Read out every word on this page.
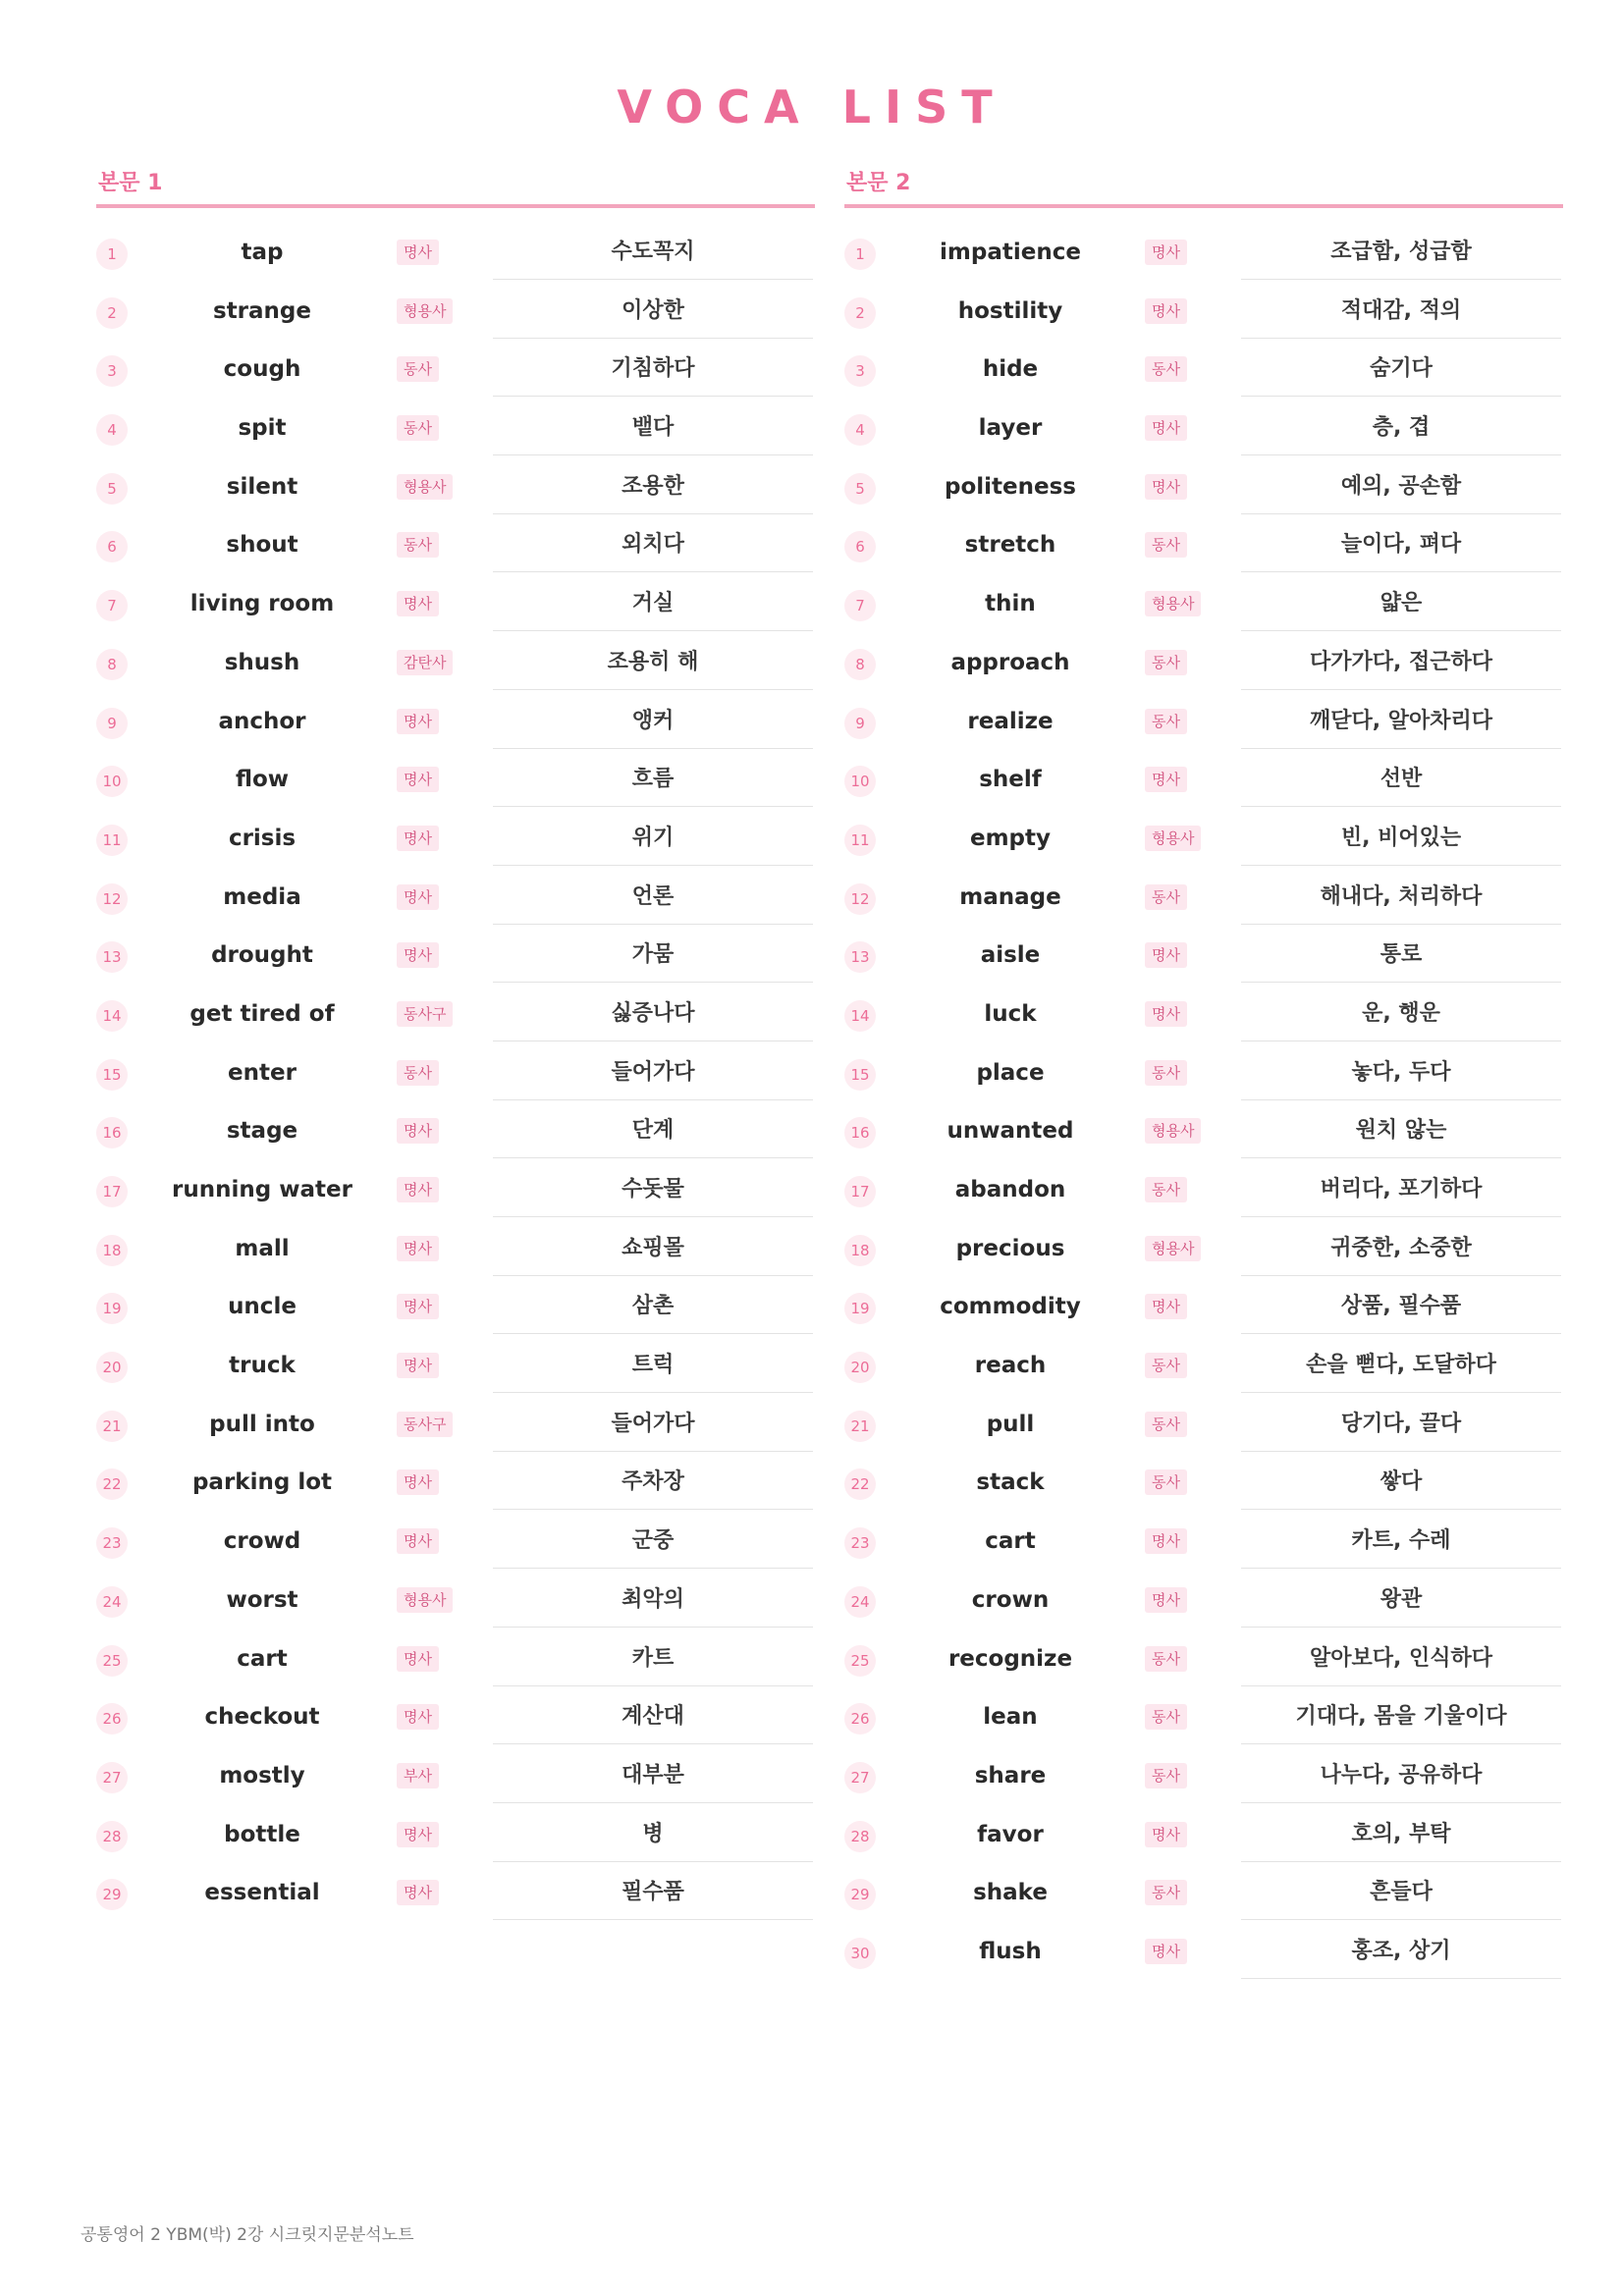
VOCA LIST
본문 1
1	tap	명사	수도꼭지
2	strange	형용사	이상한
3	cough	동사	기침하다
4	spit	동사	뱉다
5	silent	형용사	조용한
6	shout	동사	외치다
7	living room	명사	거실
8	shush	감탄사	조용히 해
9	anchor	명사	앵커
10	flow	명사	흐름
11	crisis	명사	위기
12	media	명사	언론
13	drought	명사	가뭄
14	get tired of	동사구	싫증나다
15	enter	동사	들어가다
16	stage	명사	단계
17	running water	명사	수돗물
18	mall	명사	쇼핑몰
19	uncle	명사	삼촌
20	truck	명사	트럭
21	pull into	동사구	들어가다
22	parking lot	명사	주차장
23	crowd	명사	군중
24	worst	형용사	최악의
25	cart	명사	카트
26	checkout	명사	계산대
27	mostly	부사	대부분
28	bottle	명사	병
29	essential	명사	필수품
본문 2
1	impatience	명사	조급함, 성급함
2	hostility	명사	적대감, 적의
3	hide	동사	숨기다
4	layer	명사	층, 겹
5	politeness	명사	예의, 공손함
6	stretch	동사	늘이다, 펴다
7	thin	형용사	얇은
8	approach	동사	다가가다, 접근하다
9	realize	동사	깨닫다, 알아차리다
10	shelf	명사	선반
11	empty	형용사	빈, 비어있는
12	manage	동사	해내다, 처리하다
13	aisle	명사	통로
14	luck	명사	운, 행운
15	place	동사	놓다, 두다
16	unwanted	형용사	원치 않는
17	abandon	동사	버리다, 포기하다
18	precious	형용사	귀중한, 소중한
19	commodity	명사	상품, 필수품
20	reach	동사	손을 뻗다, 도달하다
21	pull	동사	당기다, 끌다
22	stack	동사	쌓다
23	cart	명사	카트, 수레
24	crown	명사	왕관
25	recognize	동사	알아보다, 인식하다
26	lean	동사	기대다, 몸을 기울이다
27	share	동사	나누다, 공유하다
28	favor	명사	호의, 부탁
29	shake	동사	흔들다
30	flush	명사	홍조, 상기
공통영어 2 YBM(박) 2강 시크릿지문분석노트
